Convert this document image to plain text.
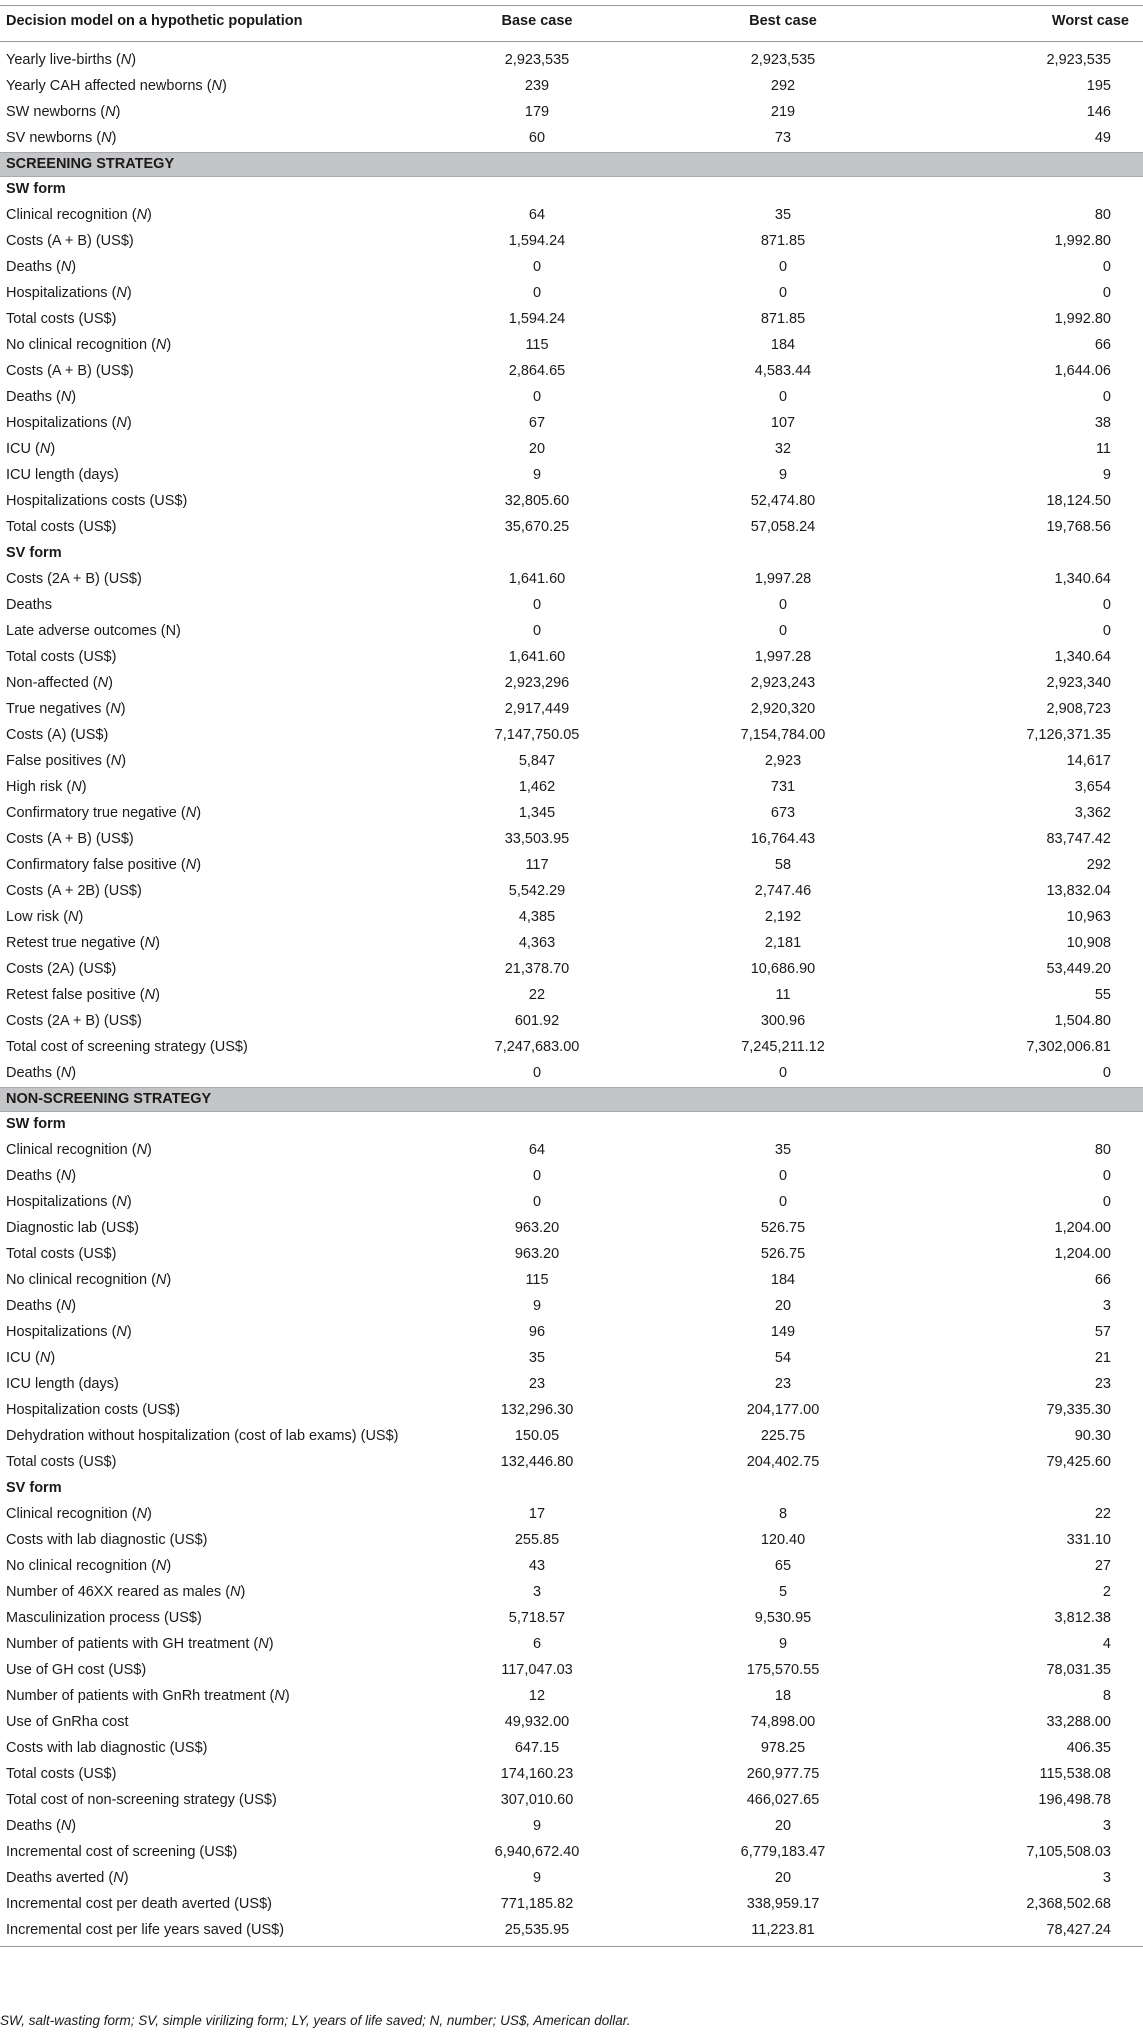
Decision model on a hypothetic population	Base case	Best case	Worst case

Yearly live-births (N)	2,923,535	2,923,535	2,923,535
Yearly CAH affected newborns (N)	239	292	195
SW newborns (N)	179	219	146
SV newborns (N)	60	73	49
SCREENING STRATEGY			
SW form			
Clinical recognition (N)	64	35	80
Costs (A + B) (US$)	1,594.24	871.85	1,992.80
Deaths (N)	0	0	0
Hospitalizations (N)	0	0	0
Total costs (US$)	1,594.24	871.85	1,992.80
No clinical recognition (N)	115	184	66
Costs (A + B) (US$)	2,864.65	4,583.44	1,644.06
Deaths (N)	0	0	0
Hospitalizations (N)	67	107	38
ICU (N)	20	32	11
ICU length (days)	9	9	9
Hospitalizations costs (US$)	32,805.60	52,474.80	18,124.50
Total costs (US$)	35,670.25	57,058.24	19,768.56
SV form			
Costs (2A + B) (US$)	1,641.60	1,997.28	1,340.64
Deaths	0	0	0
Late adverse outcomes (N)	0	0	0
Total costs (US$)	1,641.60	1,997.28	1,340.64
Non-affected (N)	2,923,296	2,923,243	2,923,340
True negatives (N)	2,917,449	2,920,320	2,908,723
Costs (A) (US$)	7,147,750.05	7,154,784.00	7,126,371.35
False positives (N)	5,847	2,923	14,617
High risk (N)	1,462	731	3,654
Confirmatory true negative (N)	1,345	673	3,362
Costs (A + B) (US$)	33,503.95	16,764.43	83,747.42
Confirmatory false positive (N)	117	58	292
Costs (A + 2B) (US$)	5,542.29	2,747.46	13,832.04
Low risk (N)	4,385	2,192	10,963
Retest true negative (N)	4,363	2,181	10,908
Costs (2A) (US$)	21,378.70	10,686.90	53,449.20
Retest false positive (N)	22	11	55
Costs (2A + B) (US$)	601.92	300.96	1,504.80
Total cost of screening strategy (US$)	7,247,683.00	7,245,211.12	7,302,006.81
Deaths (N)	0	0	0
NON-SCREENING STRATEGY			
SW form			
Clinical recognition (N)	64	35	80
Deaths (N)	0	0	0
Hospitalizations (N)	0	0	0
Diagnostic lab (US$)	963.20	526.75	1,204.00
Total costs (US$)	963.20	526.75	1,204.00
No clinical recognition (N)	115	184	66
Deaths (N)	9	20	3
Hospitalizations (N)	96	149	57
ICU (N)	35	54	21
ICU length (days)	23	23	23
Hospitalization costs (US$)	132,296.30	204,177.00	79,335.30
Dehydration without hospitalization (cost of lab exams) (US$)	150.05	225.75	90.30
Total costs (US$)	132,446.80	204,402.75	79,425.60
SV form			
Clinical recognition (N)	17	8	22
Costs with lab diagnostic (US$)	255.85	120.40	331.10
No clinical recognition (N)	43	65	27
Number of 46XX reared as males (N)	3	5	2
Masculinization process (US$)	5,718.57	9,530.95	3,812.38
Number of patients with GH treatment (N)	6	9	4
Use of GH cost (US$)	117,047.03	175,570.55	78,031.35
Number of patients with GnRh treatment (N)	12	18	8
Use of GnRha cost	49,932.00	74,898.00	33,288.00
Costs with lab diagnostic (US$)	647.15	978.25	406.35
Total costs (US$)	174,160.23	260,977.75	115,538.08
Total cost of non-screening strategy (US$)	307,010.60	466,027.65	196,498.78
Deaths (N)	9	20	3
Incremental cost of screening (US$)	6,940,672.40	6,779,183.47	7,105,508.03
Deaths averted (N)	9	20	3
Incremental cost per death averted (US$)	771,185.82	338,959.17	2,368,502.68
Incremental cost per life years saved (US$)	25,535.95	11,223.81	78,427.24
SW, salt-wasting form; SV, simple virilizing form; LY, years of life saved; N, number; US$, American dollar.
